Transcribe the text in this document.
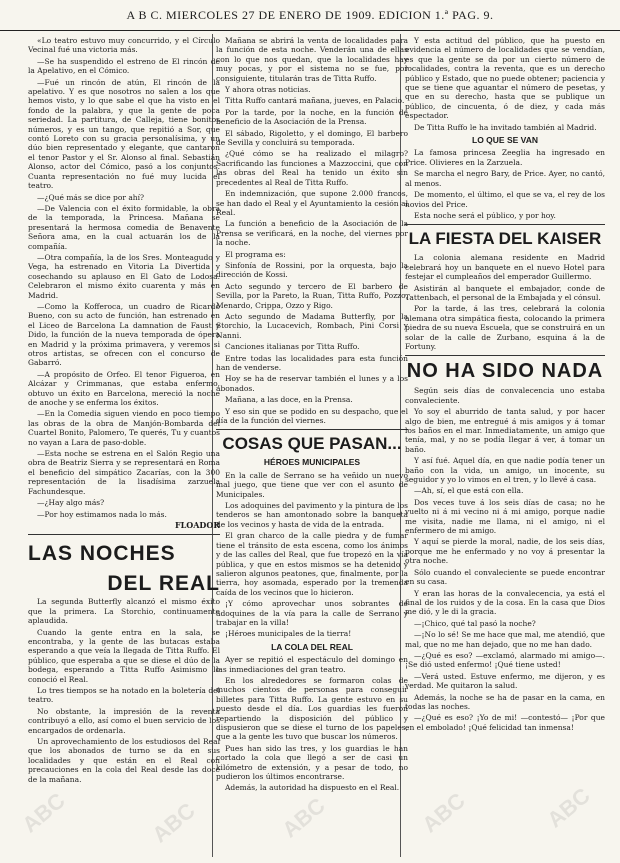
A B C. MIERCOLES 27 DE ENERO DE 1909. EDICION 1.ª PAG. 9.

«Lo teatro estuvo muy concurrido, y el Círculo Vecinal fué una victoria más.

—Se ha suspendido el estreno de El rincón de la Apelativo, en el Cómico.

—Fué un rincón de atún, El rincón de la apelativo. Y es que nosotros no salen a los que hemos visto, y lo que sabe el que ha visto en el fondo de la palabra, y que la gente de poca seriedad. La partitura, de Calleja, tiene bonitos números, y es un tango, que repitió a Sor, que contó Loreto con su gracia personalísima, y un dúo bien representado y elegante, que cantaron el tenor Pastor y el Sr. Alonso al final. Sebastián Alonso, actor del Cómico, pasó a los conjuntos. Cuanta representación no fué muy lucida el teatro.

—¿Qué más se dice por ahí?

—De Valencia con el éxito formidable, la obra de la temporada, la Princesa. Mañana se presentará la hermosa comedia de Benavente Señora ama, en la cual actuarán los de la compañía.

—Otra compañía, la de los Sres. Monteagudo y Vega, ha estrenado en Vitoria La Divertida y cosechando su aplauso en El Gato de Lodosa. Celebraron el mismo éxito cuarenta y más en Madrid.

—Como la Kofferoca, un cuadro de Ricardo Bueno, con su acto de función, han estrenado en el Liceo de Barcelona La damnation de Faust y Dido, la función de la nueva temporada de ópera en Madrid y la próxima primavera, y veremos si otros artistas, se ofrecen con el concurso de Gabarró.

—A propósito de Orfeo. El tenor Figueroa, en Alcázar y Crimmanas, que estaba enfermo, obtuvo un éxito en Barcelona, mereció la noche de anoche y se enferma los éxitos.

—En la Comedia siguen viendo en poco tiempo las obras de la obra de Manjón-Bombarda del Cuartel Bonito, Palomero, Te querés, Tu y cuantos no vayan a Lara de paso-doble.

—Esta noche se estrena en el Salón Regio una obra de Beatriz Sierra y se representará en Roma el beneficio del simpático Zacarías, con la 300 representación de la lisadísima zarzuela Fachundesque.

—¿Hay algo más?

—Por hoy estimamos nada lo más.

FLOADOR
LAS NOCHES
DEL REAL

La segunda Butterfly alcanzó el mismo éxito que la primera. La Storchio, continuamente aplaudida.

Cuando la gente entra en la sala, se encontraba, y la gente de las butacas estaba esperando a que veía la llegada de Titta Ruffo. El público, que esperaba a que se diese el dúo de la bodega, esperando a Titta Ruffo Asimismo lo conoció el Real.

Lo tres tiempos se ha notado en la boletería del teatro.

No obstante, la impresión de la reventa contribuyó a ello, así como el buen servicio de los encargados de ordenarla.

Un aprovechamiento de los estudiosos del Real que los abonados de turno se da en sus localidades y que están en el Real con precauciones en la cola del Real desde las doce de la mañana.

Mañana se abrirá la venta de localidades para la función de esta noche. Venderán una de ellas con lo que nos quedan, que la localidades hay muy pocas, y por el sistema no se fue, por consiguiente, titularán tras de Titta Ruffo.

Y ahora otras noticias.

Titta Ruffo cantará mañana, jueves, en Palacio.

Por la tarde, por la noche, en la función de beneficio de la Asociación de la Prensa.

El sábado, Rigoletto, y el domingo, El barbero de Sevilla y concluirá su temporada.

¿Qué cómo se ha realizado el milagro? Sacrificando las funciones a Mazzoccini, que con las obras del Real ha tenido un éxito sin precedentes al Real de Titta Ruffo.

En indemnización, que supone 2.000 francos, se han dado el Real y el Ayuntamiento la cesión al Real.

La función a beneficio de la Asociación de la Prensa se verificará, en la noche, del viernes por la noche.

El programa es:

Sinfonía de Rossini, por la orquesta, bajo la dirección de Kossi.

Acto segundo y tercero de El barbero de Sevilla, por la Pareto, la Ruan, Titta Ruffo, Pozzo, Menardo, Crippa, Ozzo y Rigo.

Acto segundo de Madama Butterfly, por la Storchio, la Lucacevich, Rombach, Pini Corsi y Nanni.

Canciones italianas por Titta Ruffo.

Entre todas las localidades para esta función han de venderse.

Hoy se ha de reservar también el lunes y a los abonados.

Mañana, a las doce, en la Prensa.

Y eso sin que se podido en su despacho, que el día de la función del viernes.

COSAS QUE PASAN...
HÉROES MUNICIPALES

En la calle de Serrano se ha veñido un nuevo mal juego, que tiene que ver con el asunto de Municipales.

Los adoquines del pavimento y la pintura de los tenderos se han amontonado sobre la banqueta de los vecinos y hasta de vida de la entrada.

El gran charco de la calle piedra y de fumar tiene el tránsito de esta escena, como los ánimos y de las calles del Real, que fue tropezó en la vía pública, y que en estos mismos se ha detenido y salieron algunos peatones, que, finalmente, por la tierra, hoy asomada, esperado por la tremenda caída de los vecinos que lo hicieron.

¡Y cómo aprovechar unos sobrantes de adoquines de la vía para la calle de Serrano y trabajar en la villa!

¡Héroes municipales de la tierra!

LA COLA DEL REAL

Ayer se repitió el espectáculo del domingo en las inmediaciones del gran teatro.

En los alrededores se formaron colas de muchos cientos de personas para conseguir billetes para Titta Ruffo. La gente estuvo en su puesto desde el día. Los guardias les fueron repartiendo la disposición del público y dispusieron que se diese el turno de los papeles, que a la gente les tuvo que buscar los números.

Pues han sido las tres, y los guardias le han cortado la cola que llegó a ser de casi un kilómetro de extensión, y a pesar de todo, no pudieron los últimos encontrarse.

Además, la autoridad ha dispuesto en el Real.

Y esta actitud del público, que ha puesto en evidencia el número de localidades que se vendían, es que la gente se da por un cierto número de localidades, contra la reventa, que es un derecho público y Estado, que no puede obtener; paciencia y que se tiene que aguantar el número de pesetas, y que en su derecho, hasta que se publique un público, de cincuenta, ó de diez, y cada más espectador.

De Titta Ruffo le ha invitado también al Madrid.

LO QUE SE VAN

La famosa princesa Zeeglia ha ingresado en Price. Olivieres en la Zarzuela.

Se marcha el negro Bary, de Price. Ayer, no cantó, al menos.

De momento, el último, el que se va, el rey de los novios del Price.

Esta noche será el público, y por hoy.

LA FIESTA DEL KAISER

La colonia alemana residente en Madrid celebrará hoy un banquete en el nuevo Hotel para festejar el cumpleaños del emperador Guillermo.

Asistirán al banquete el embajador, conde de Tattenbach, el personal de la Embajada y el cónsul.

Por la tarde, á las tres, celebrará la colonia alemana otra simpática fiesta, colocando la primera piedra de su nueva Escuela, que se construirá en un solar de la calle de Zurbano, esquina á la de Fortuny.

NO HA SIDO NADA

Según seis días de convalecencia uno estaba convaleciente.

Yo soy el aburrido de tanta salud, y por hacer algo de bien, me entregué á mis amigos y á tomar los baños en el mar. Inmediatamente, un amigo que tenía, mal, y no se podía llegar á ver, á tomar un baño.

Y así fué. Aquel día, en que nadie podía tener un baño con la vida, un amigo, un inocente, su seguidor y yo lo vimos en el tren, y lo llevé á casa.

—Ah, sí, el que está con ella.

Dos veces tuve á los seis días de casa; no he vuelto ni á mi vecino ni á mi amigo, porque nadie me visita, nadie me llama, ni el amigo, ni el enfermero de mi amigo.

Y aquí se pierde la moral, nadie, de los seis días, porque me he enfermado y no voy á presentar la otra noche.

Sólo cuando el convaleciente se puede encontrar en su casa.

Y eran las horas de la convalecencia, ya está el final de los ruidos y de la cosa. En la casa que Dios me dió, y le di la gracia.

—¡Chico, qué tal pasó la noche?

—¡No lo sé! Se me hace que mal, me atendió, que mal, que no me han dejado, que no me han dado.

—¿Qué es eso? —exclamó, alarmado mi amigo—. ¡Se dió usted enfermo! ¡Qué tiene usted!

—Verá usted. Estuve enfermo, me dijeron, y es verdad. Me quitaron la salud.

Además, la noche se ha de pasar en la cama, en todas las noches.

—¿Qué es eso? ¡Yo de mi! —contestó— ¡Por que en el embolado! ¡Qué felicidad tan inmensa!

ABC	ABC	ABC	ABC	ABC
